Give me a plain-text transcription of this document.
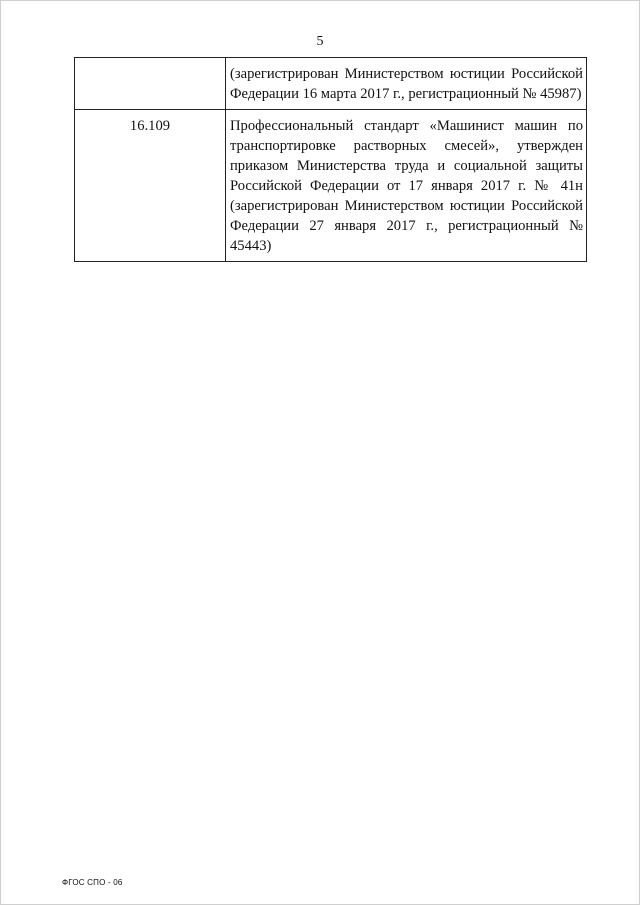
5
	(зарегистрирован Министерством юстиции Российской Федерации 16 марта 2017 г., регистрационный № 45987)
16.109	Профессиональный стандарт «Машинист машин по транспортировке растворных смесей», утвержден приказом Министерства труда и социальной защиты Российской Федерации от 17 января 2017 г. № 41н (зарегистрирован Министерством юстиции Российской Федерации 27 января 2017 г., регистрационный № 45443)
ФГОС СПО - 06
